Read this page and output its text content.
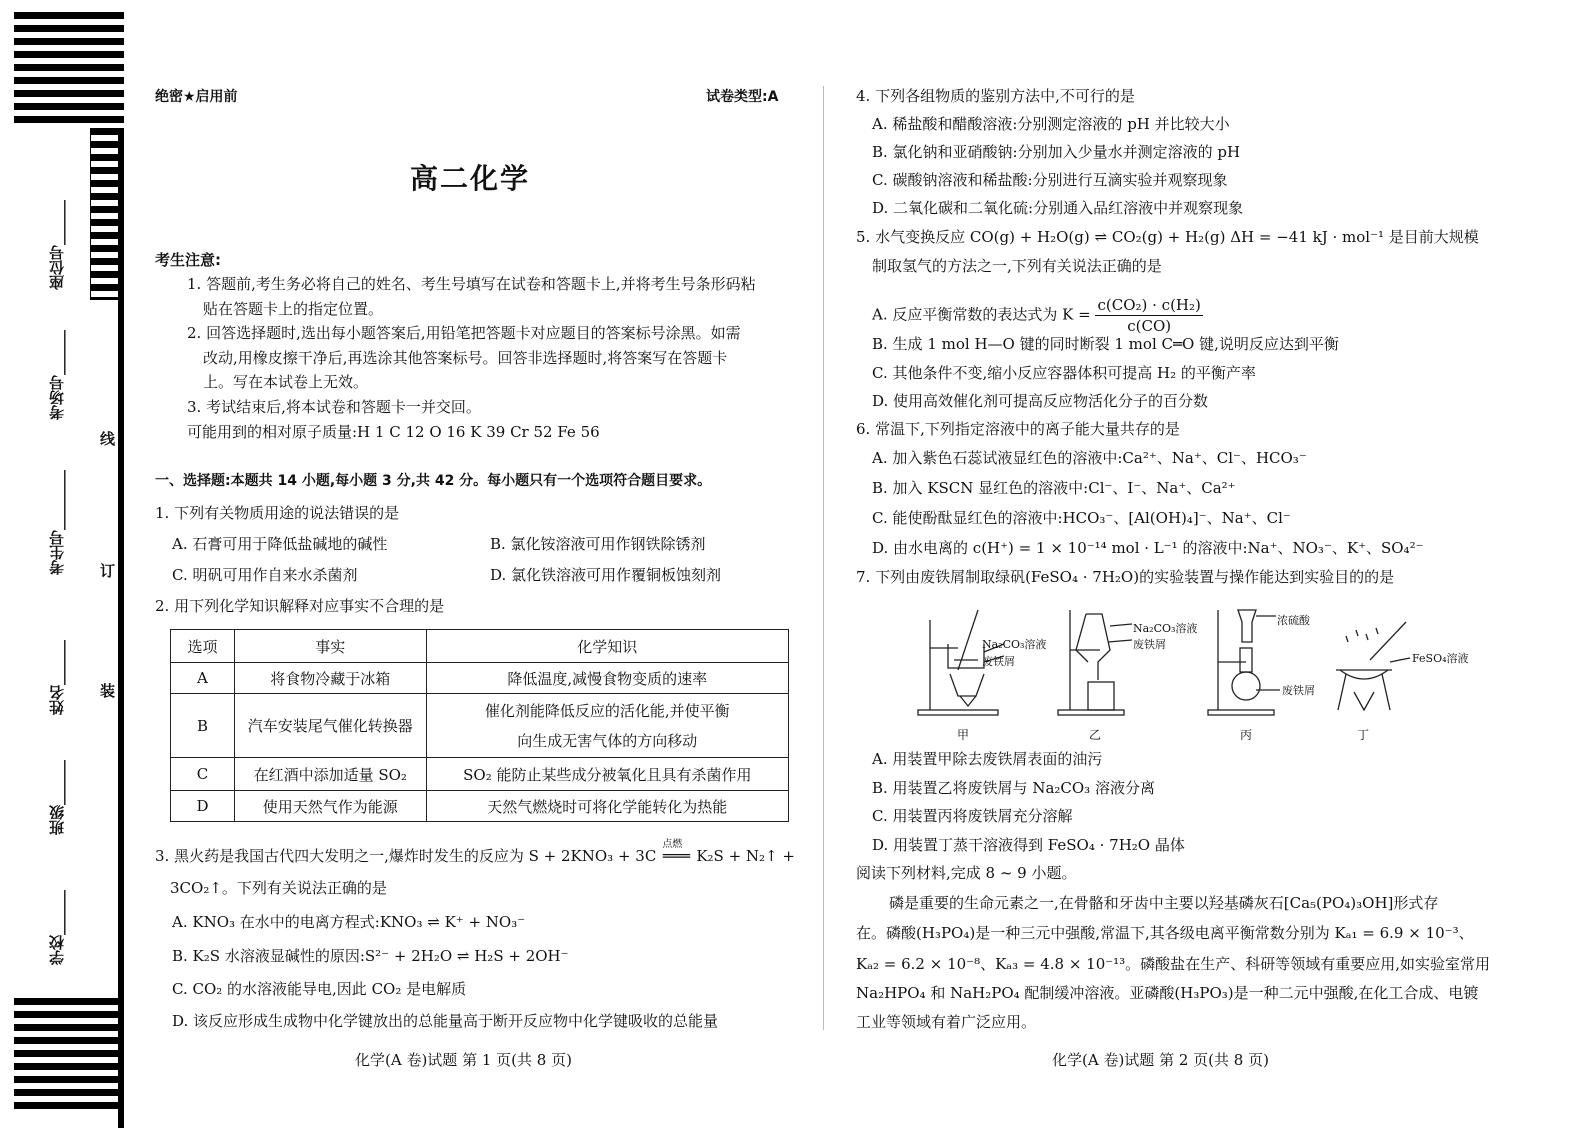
座位号______
考场号______
考生号________
姓名______
班级______
学校______
线
订
装
绝密★启用前	试卷类型:A
高二化学
考生注意:
1. 答题前,考生务必将自己的姓名、考生号填写在试卷和答题卡上,并将考生号条形码粘
贴在答题卡上的指定位置。
2. 回答选择题时,选出每小题答案后,用铅笔把答题卡对应题目的答案标号涂黑。如需
改动,用橡皮擦干净后,再选涂其他答案标号。回答非选择题时,将答案写在答题卡
上。写在本试卷上无效。
3. 考试结束后,将本试卷和答题卡一并交回。
可能用到的相对原子质量:H 1 C 12 O 16 K 39 Cr 52 Fe 56
一、选择题:本题共 14 小题,每小题 3 分,共 42 分。每小题只有一个选项符合题目要求。
1. 下列有关物质用途的说法错误的是
A. 石膏可用于降低盐碱地的碱性	B. 氯化铵溶液可用作钢铁除锈剂
C. 明矾可用作自来水杀菌剂	D. 氯化铁溶液可用作覆铜板蚀刻剂
2. 用下列化学知识解释对应事实不合理的是
选项	事实	化学知识
A	将食物冷藏于冰箱	降低温度,减慢食物变质的速率
B	汽车安装尾气催化转换器	催化剂能降低反应的活化能,并使平衡
向生成无害气体的方向移动

C	在红酒中添加适量 SO₂	SO₂ 能防止某些成分被氧化且具有杀菌作用
D	使用天然气作为能源	天然气燃烧时可将化学能转化为热能
3. 黑火药是我国古代四大发明之一,爆炸时发生的反应为 S + 2KNO₃ + 3C
点燃
═══ K₂S + N₂↑ +
3CO₂↑。下列有关说法正确的是
A. KNO₃ 在水中的电离方程式:KNO₃ ⇌ K⁺ + NO₃⁻
B. K₂S 水溶液显碱性的原因:S²⁻ + 2H₂O ⇌ H₂S + 2OH⁻
C. CO₂ 的水溶液能导电,因此 CO₂ 是电解质
D. 该反应形成生成物中化学键放出的总能量高于断开反应物中化学键吸收的总能量
化学(A 卷)试题 第 1 页(共 8 页)
4. 下列各组物质的鉴别方法中,不可行的是
A. 稀盐酸和醋酸溶液:分别测定溶液的 pH 并比较大小
B. 氯化钠和亚硝酸钠:分别加入少量水并测定溶液的 pH
C. 碳酸钠溶液和稀盐酸:分别进行互滴实验并观察现象
D. 二氧化碳和二氧化硫:分别通入品红溶液中并观察现象
5. 水气变换反应 CO(g) + H₂O(g) ⇌ CO₂(g) + H₂(g) ΔH = −41 kJ · mol⁻¹ 是目前大规模
制取氢气的方法之一,下列有关说法正确的是
A. 反应平衡常数的表达式为 $K = \frac{\text{c(CO₂) · c(H₂)}}{c(CO)}$
B. 生成 1 mol H—O 键的同时断裂 1 mol C═O 键,说明反应达到平衡
C. 其他条件不变,缩小反应容器体积可提高 H₂ 的平衡产率
D. 使用高效催化剂可提高反应物活化分子的百分数
6. 常温下,下列指定溶液中的离子能大量共存的是
A. 加入紫色石蕊试液显红色的溶液中:Ca²⁺、Na⁺、Cl⁻、HCO₃⁻
B. 加入 KSCN 显红色的溶液中:Cl⁻、I⁻、Na⁺、Ca²⁺
C. 能使酚酞显红色的溶液中:HCO₃⁻、[Al(OH)₄]⁻、Na⁺、Cl⁻
D. 由水电离的 c(H⁺) = 1 × 10⁻¹⁴ mol · L⁻¹ 的溶液中:Na⁺、NO₃⁻、K⁺、SO₄²⁻
7. 下列由废铁屑制取绿矾(FeSO₄ · 7H₂O)的实验装置与操作能达到实验目的的是
Na₂CO₃溶液
废铁屑
Na₂CO₃溶液
废铁屑
浓硫酸
废铁屑
FeSO₄溶液
甲	乙	丙	丁
A. 用装置甲除去废铁屑表面的油污
B. 用装置乙将废铁屑与 Na₂CO₃ 溶液分离
C. 用装置丙将废铁屑充分溶解
D. 用装置丁蒸干溶液得到 FeSO₄ · 7H₂O 晶体
阅读下列材料,完成 8 ~ 9 小题。
磷是重要的生命元素之一,在骨骼和牙齿中主要以羟基磷灰石[Ca₅(PO₄)₃OH]形式存
在。磷酸(H₃PO₄)是一种三元中强酸,常温下,其各级电离平衡常数分别为 Kₐ₁ = 6.9 × 10⁻³、
Kₐ₂ = 6.2 × 10⁻⁸、Kₐ₃ = 4.8 × 10⁻¹³。磷酸盐在生产、科研等领域有重要应用,如实验室常用
Na₂HPO₄ 和 NaH₂PO₄ 配制缓冲溶液。亚磷酸(H₃PO₃)是一种二元中强酸,在化工合成、电镀
工业等领域有着广泛应用。
化学(A 卷)试题 第 2 页(共 8 页)
